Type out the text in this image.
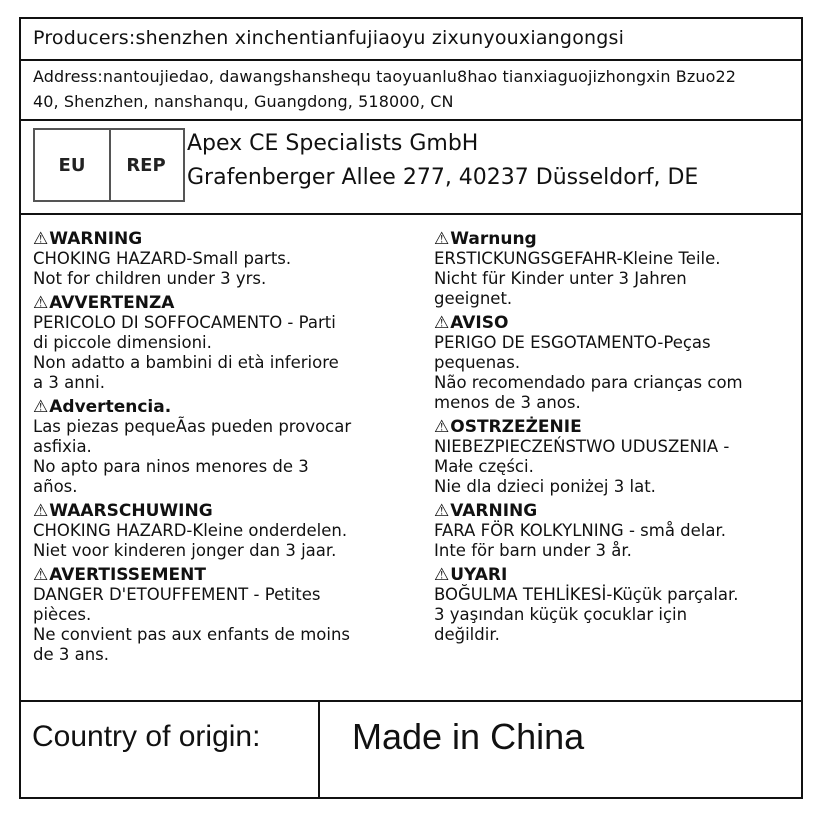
Producers:shenzhen xinchentianfujiaoyu zixunyouxiangongsi
Address:nantoujiedao, dawangshanshequ taoyuanlu8hao tianxiaguojizhongxin Bzuo22
40, Shenzhen, nanshanqu, Guangdong, 518000, CN
EU	REP
Apex CE Specialists GmbH
Grafenberger Allee 277, 40237 Düsseldorf, DE
⚠WARNING
CHOKING HAZARD-Small parts.
Not for children under 3 yrs.
⚠AVVERTENZA
PERICOLO DI SOFFOCAMENTO - Parti
di piccole dimensioni.
Non adatto a bambini di età inferiore
a 3 anni.
⚠Advertencia.
Las piezas pequeÃas pueden provocar
asfixia.
No apto para ninos menores de 3
años.
⚠WAARSCHUWING
CHOKING HAZARD-Kleine onderdelen.
Niet voor kinderen jonger dan 3 jaar.
⚠AVERTISSEMENT
DANGER D'ETOUFFEMENT - Petites
pièces.
Ne convient pas aux enfants de moins
de 3 ans.
⚠Warnung
ERSTICKUNGSGEFAHR-Kleine Teile.
Nicht für Kinder unter 3 Jahren
geeignet.
⚠AVISO
PERIGO DE ESGOTAMENTO-Peças
pequenas.
Não recomendado para crianças com
menos de 3 anos.
⚠OSTRZEŻENIE
NIEBEZPIECZEŃSTWO UDUSZENIA -
Małe części.
Nie dla dzieci poniżej 3 lat.
⚠VARNING
FARA FÖR KOLKYLNING - små delar.
Inte för barn under 3 år.
⚠UYARI
BOĞULMA TEHLİKESİ-Küçük parçalar.
3 yaşından küçük çocuklar için
değildir.
Country of origin:	Made in China
